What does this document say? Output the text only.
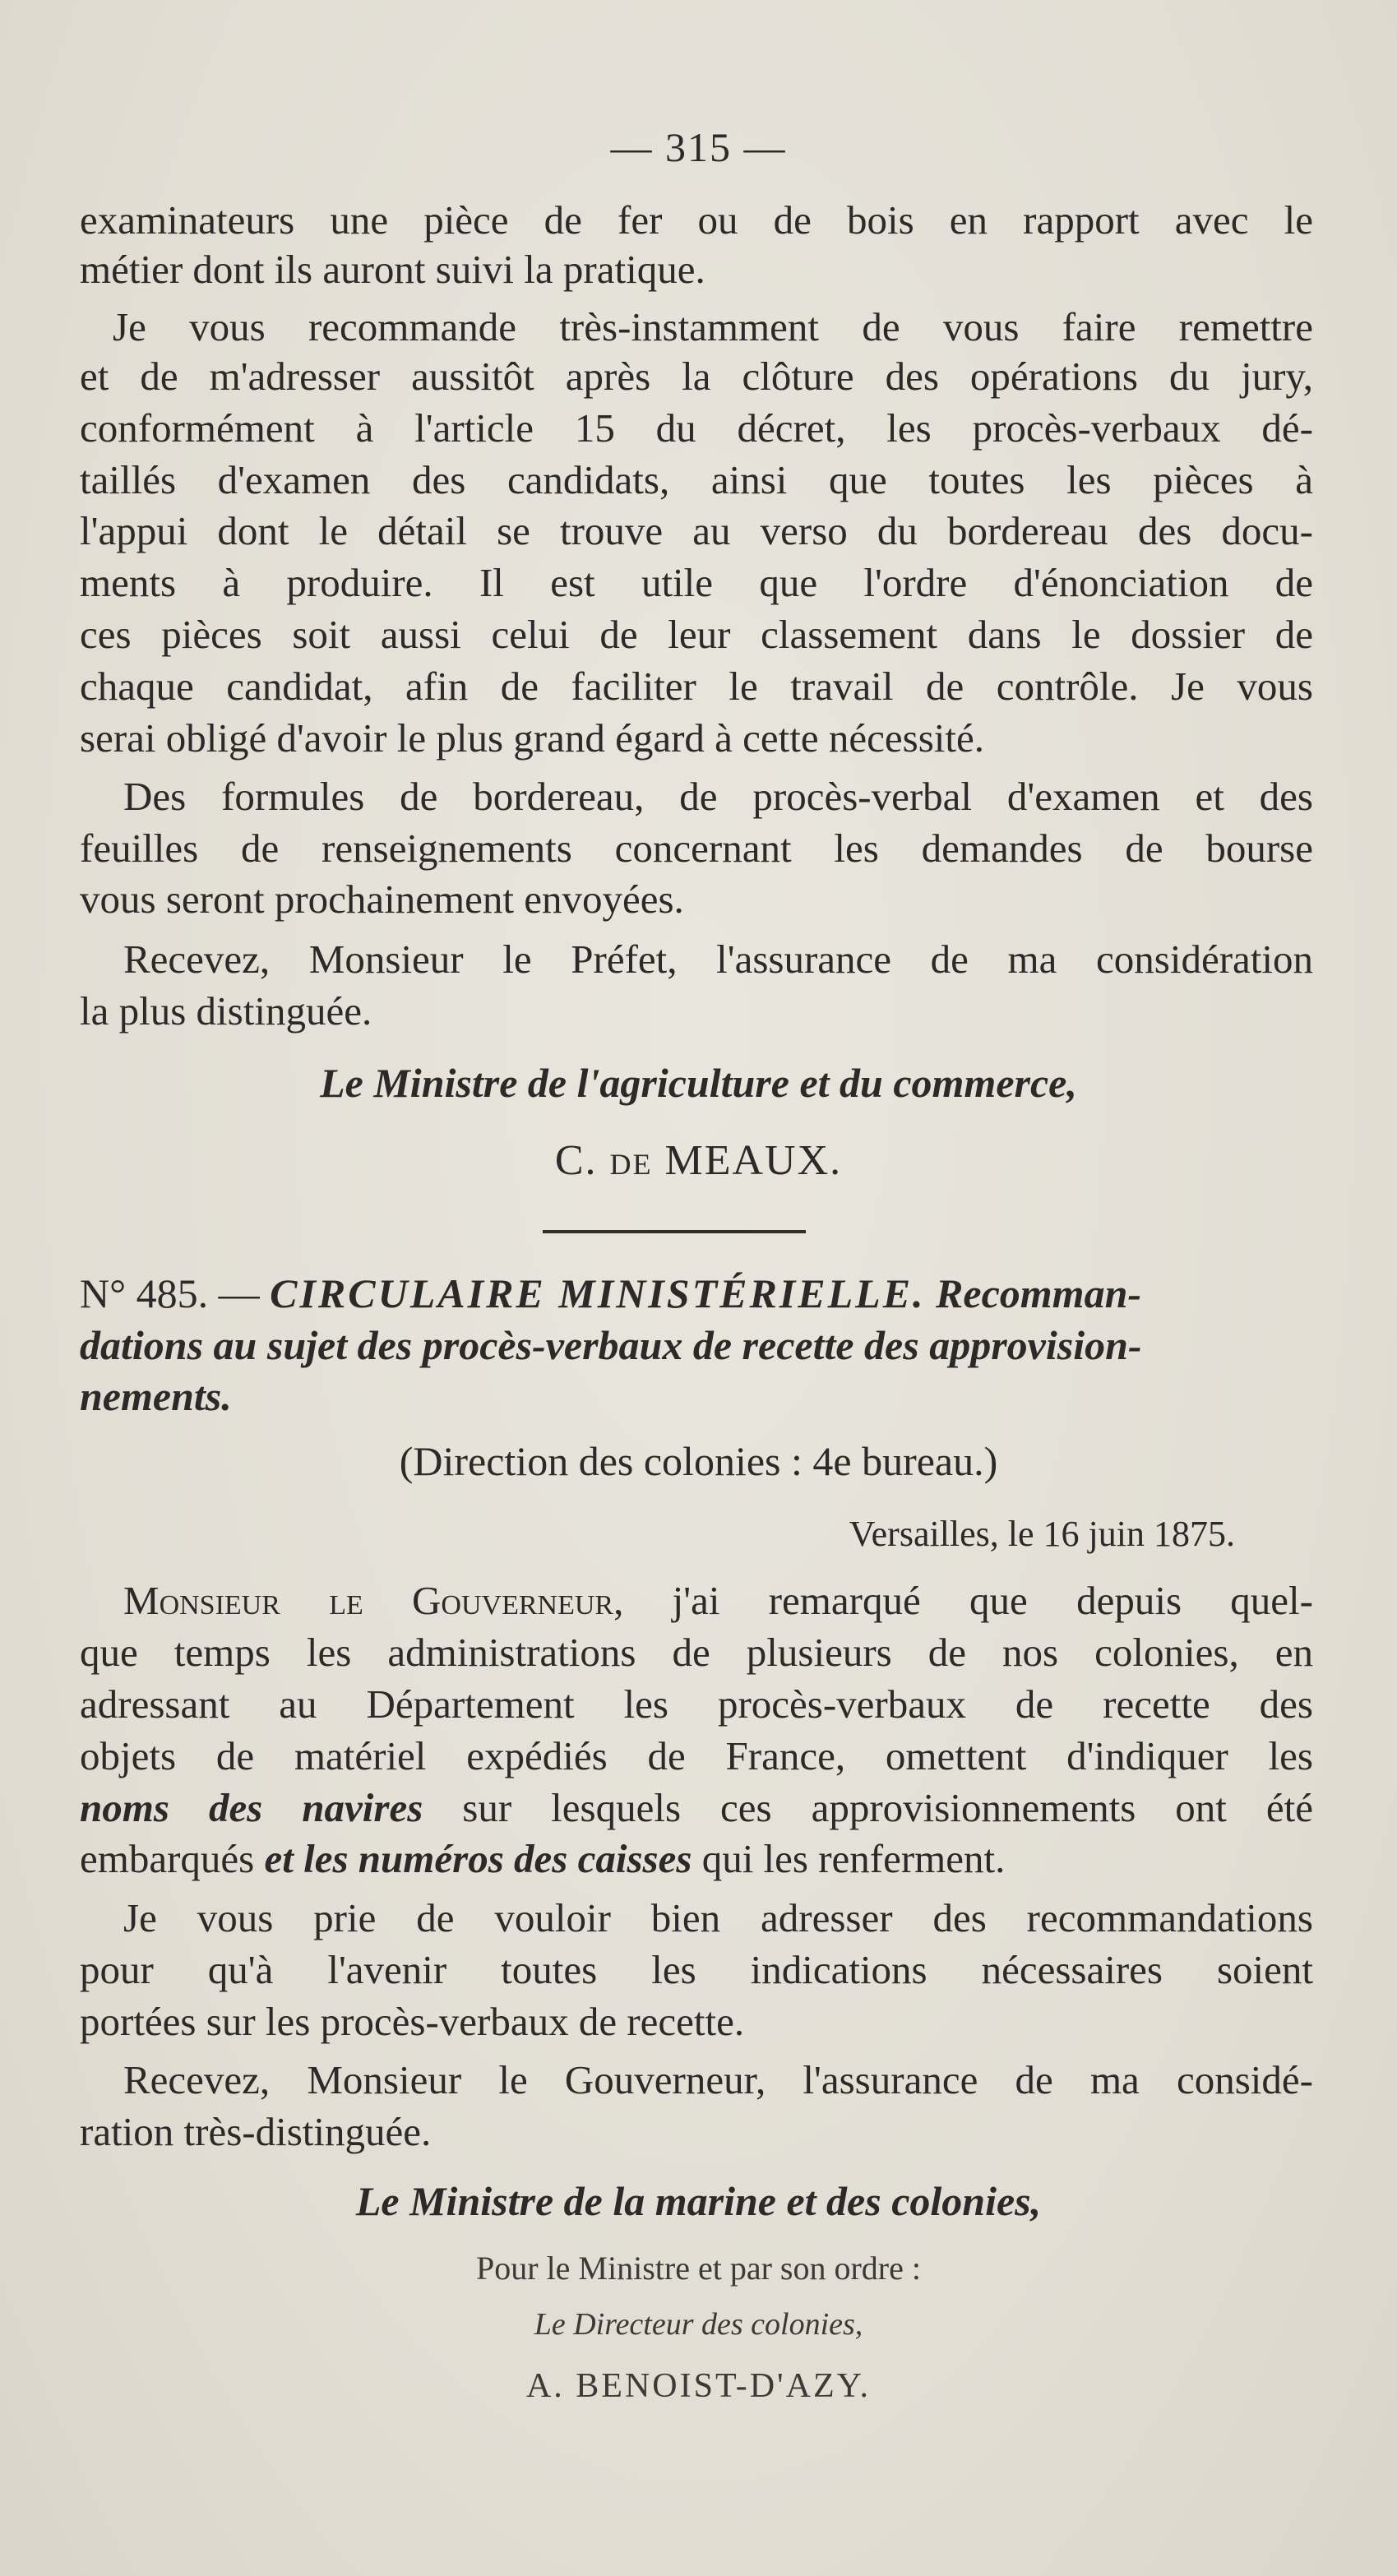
— 315 —
examinateurs une pièce de fer ou de bois en rapport avec le
métier dont ils auront suivi la pratique.
Je vous recommande très-instamment de vous faire remettre
et de m'adresser aussitôt après la clôture des opérations du jury,
conformément à l'article 15 du décret, les procès-verbaux dé-
taillés d'examen des candidats, ainsi que toutes les pièces à
l'appui dont le détail se trouve au verso du bordereau des docu-
ments à produire. Il est utile que l'ordre d'énonciation de
ces pièces soit aussi celui de leur classement dans le dossier de
chaque candidat, afin de faciliter le travail de contrôle. Je vous
serai obligé d'avoir le plus grand égard à cette nécessité.
Des formules de bordereau, de procès-verbal d'examen et des
feuilles de renseignements concernant les demandes de bourse
vous seront prochainement envoyées.
Recevez, Monsieur le Préfet, l'assurance de ma considération
la plus distinguée.
Le Ministre de l'agriculture et du commerce,
C. de MEAUX.
N° 485. — CIRCULAIRE MINISTÉRIELLE. Recomman-
dations au sujet des procès-verbaux de recette des approvision-
nements.
(Direction des colonies : 4e bureau.)
Versailles, le 16 juin 1875.
Monsieur le Gouverneur, j'ai remarqué que depuis quel-
que temps les administrations de plusieurs de nos colonies, en
adressant au Département les procès-verbaux de recette des
objets de matériel expédiés de France, omettent d'indiquer les
noms des navires sur lesquels ces approvisionnements ont été
embarqués et les numéros des caisses qui les renferment.
Je vous prie de vouloir bien adresser des recommandations
pour qu'à l'avenir toutes les indications nécessaires soient
portées sur les procès-verbaux de recette.
Recevez, Monsieur le Gouverneur, l'assurance de ma considé-
ration très-distinguée.
Le Ministre de la marine et des colonies,
Pour le Ministre et par son ordre :
Le Directeur des colonies,
A. BENOIST-D'AZY.
